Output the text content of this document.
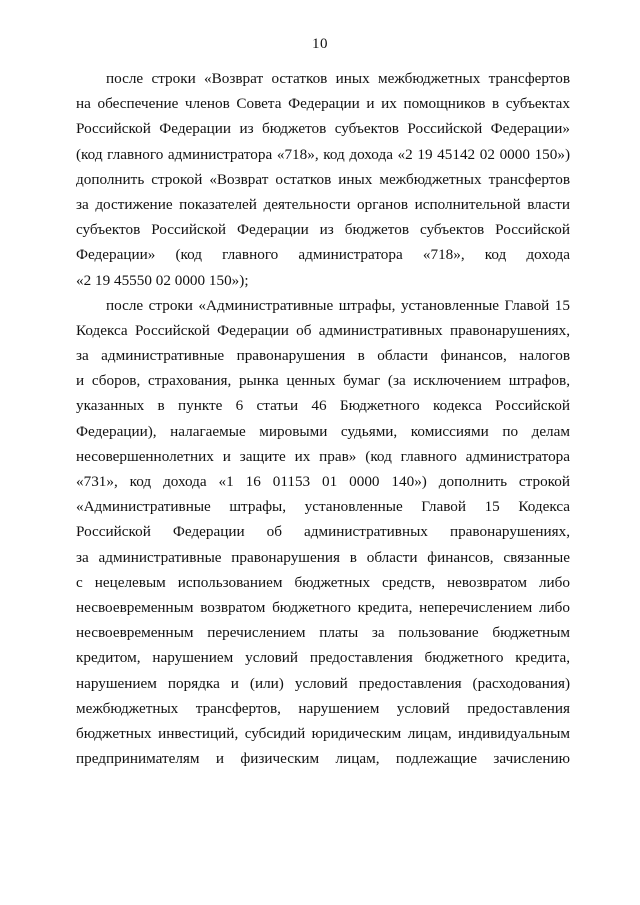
10
после строки «Возврат остатков иных межбюджетных трансфертов
на обеспечение членов Совета Федерации и их помощников в субъектах
Российской Федерации из бюджетов субъектов Российской Федерации»
(код главного администратора «718», код дохода «2 19 45142 02 0000 150»)
дополнить строкой «Возврат остатков иных межбюджетных трансфертов
за достижение показателей деятельности органов исполнительной власти
субъектов Российской Федерации из бюджетов субъектов Российской
Федерации» (код главного администратора «718», код дохода
«2 19 45550 02 0000 150»);
после строки «Административные штрафы, установленные Главой 15
Кодекса Российской Федерации об административных правонарушениях,
за административные правонарушения в области финансов, налогов
и сборов, страхования, рынка ценных бумаг (за исключением штрафов,
указанных в пункте 6 статьи 46 Бюджетного кодекса Российской
Федерации), налагаемые мировыми судьями, комиссиями по делам
несовершеннолетних и защите их прав» (код главного администратора
«731», код дохода «1 16 01153 01 0000 140») дополнить строкой
«Административные штрафы, установленные Главой 15 Кодекса
Российской Федерации об административных правонарушениях,
за административные правонарушения в области финансов, связанные
с нецелевым использованием бюджетных средств, невозвратом либо
несвоевременным возвратом бюджетного кредита, неперечислением либо
несвоевременным перечислением платы за пользование бюджетным
кредитом, нарушением условий предоставления бюджетного кредита,
нарушением порядка и (или) условий предоставления (расходования)
межбюджетных трансфертов, нарушением условий предоставления
бюджетных инвестиций, субсидий юридическим лицам, индивидуальным
предпринимателям и физическим лицам, подлежащие зачислению
